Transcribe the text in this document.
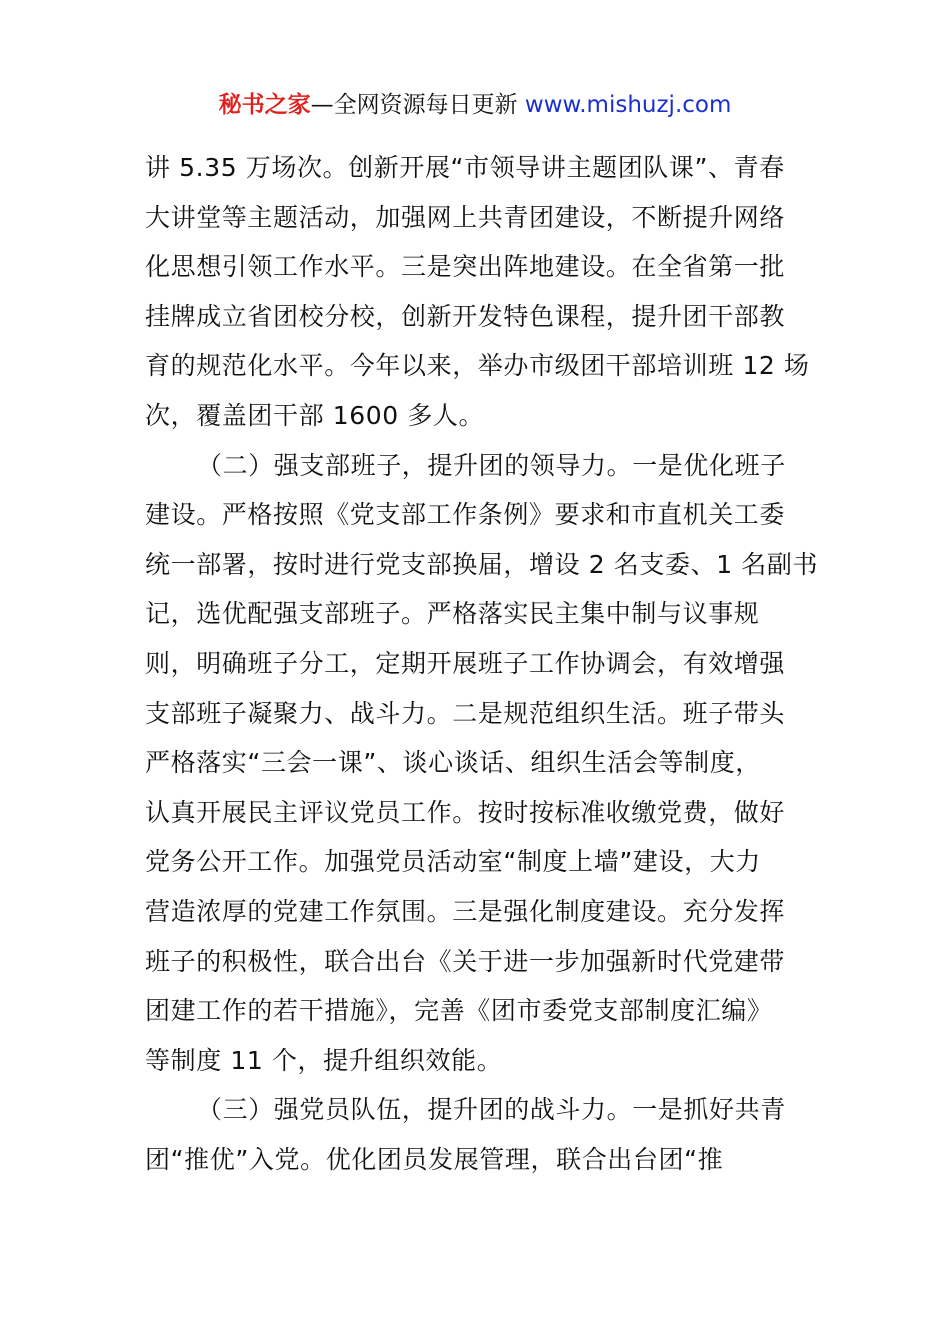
秘书之家—全网资源每日更新 www.mishuzj.com
讲 5.35 万场次。创新开展“市领导讲主题团队课”、青春
大讲堂等主题活动，加强网上共青团建设，不断提升网络
化思想引领工作水平。三是突出阵地建设。在全省第一批
挂牌成立省团校分校，创新开发特色课程，提升团干部教
育的规范化水平。今年以来，举办市级团干部培训班 12 场
次，覆盖团干部 1600 多人。
（二）强支部班子，提升团的领导力。一是优化班子
建设。严格按照《党支部工作条例》要求和市直机关工委
统一部署，按时进行党支部换届，增设 2 名支委、1 名副书
记，选优配强支部班子。严格落实民主集中制与议事规
则，明确班子分工，定期开展班子工作协调会，有效增强
支部班子凝聚力、战斗力。二是规范组织生活。班子带头
严格落实“三会一课”、谈心谈话、组织生活会等制度，
认真开展民主评议党员工作。按时按标准收缴党费，做好
党务公开工作。加强党员活动室“制度上墙”建设，大力
营造浓厚的党建工作氛围。三是强化制度建设。充分发挥
班子的积极性，联合出台《关于进一步加强新时代党建带
团建工作的若干措施》，完善《团市委党支部制度汇编》
等制度 11 个，提升组织效能。
（三）强党员队伍，提升团的战斗力。一是抓好共青
团“推优”入党。优化团员发展管理，联合出台团“推
